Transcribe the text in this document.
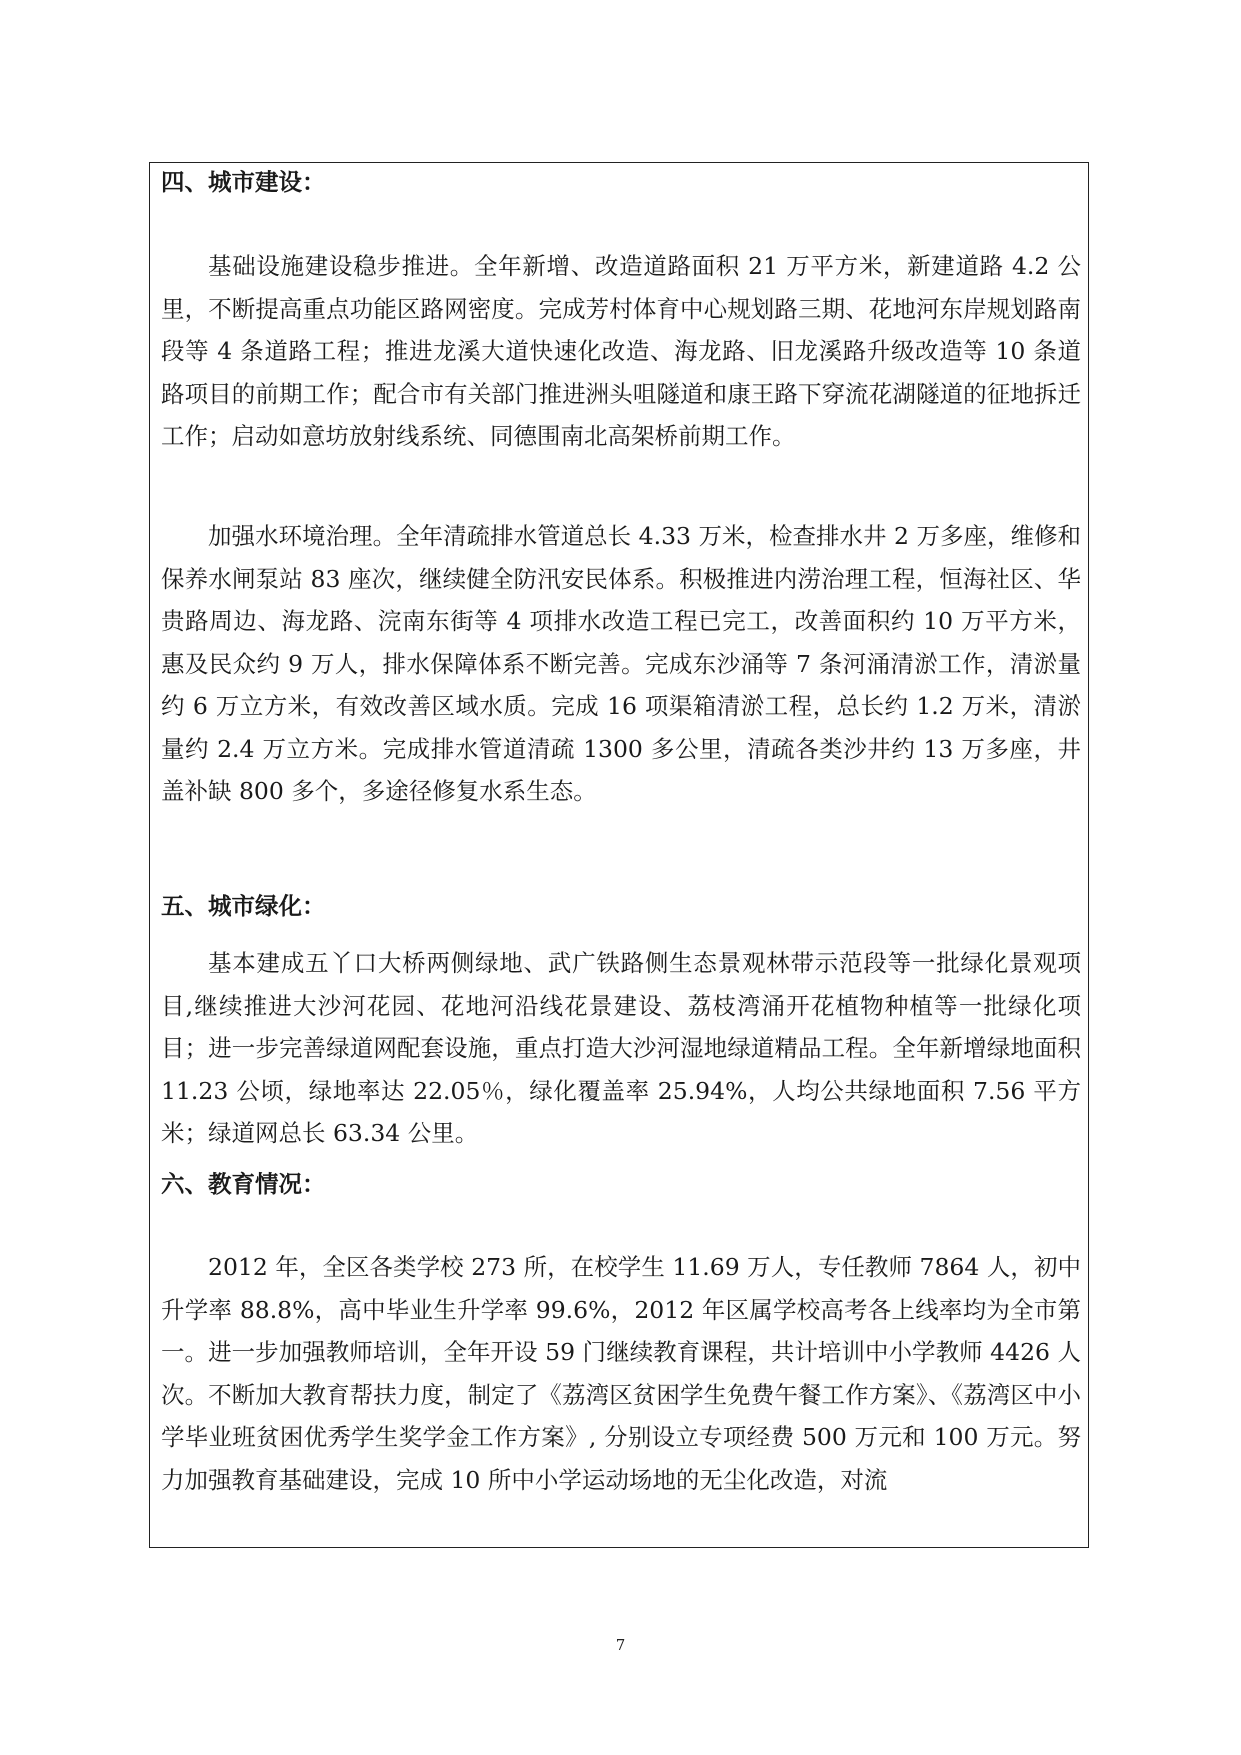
四、城市建设：

基础设施建设稳步推进。全年新增、改造道路面积 21 万平方米，新建道路 4.2 公里，不断提高重点功能区路网密度。完成芳村体育中心规划路三期、花地河东岸规划路南段等 4 条道路工程；推进龙溪大道快速化改造、海龙路、旧龙溪路升级改造等 10 条道路项目的前期工作；配合市有关部门推进洲头咀隧道和康王路下穿流花湖隧道的征地拆迁工作；启动如意坊放射线系统、同德围南北高架桥前期工作。

加强水环境治理。全年清疏排水管道总长 4.33 万米，检查排水井 2 万多座，维修和保养水闸泵站 83 座次，继续健全防汛安民体系。积极推进内涝治理工程，恒海社区、华贵路周边、海龙路、浣南东街等 4 项排水改造工程已完工，改善面积约 10 万平方米，惠及民众约 9 万人，排水保障体系不断完善。完成东沙涌等 7 条河涌清淤工作，清淤量约 6 万立方米，有效改善区域水质。完成 16 项渠箱清淤工程，总长约 1.2 万米，清淤量约 2.4 万立方米。完成排水管道清疏 1300 多公里，清疏各类沙井约 13 万多座，井盖补缺 800 多个，多途径修复水系生态。

五、城市绿化：

基本建成五丫口大桥两侧绿地、武广铁路侧生态景观林带示范段等一批绿化景观项目,继续推进大沙河花园、花地河沿线花景建设、荔枝湾涌开花植物种植等一批绿化项目；进一步完善绿道网配套设施，重点打造大沙河湿地绿道精品工程。全年新增绿地面积 11.23 公顷，绿地率达 22.05％，绿化覆盖率 25.94%，人均公共绿地面积 7.56 平方米；绿道网总长 63.34 公里。

六、教育情况：

2012 年，全区各类学校 273 所，在校学生 11.69 万人，专任教师 7864 人，初中升学率 88.8%，高中毕业生升学率 99.6%，2012 年区属学校高考各上线率均为全市第一。进一步加强教师培训，全年开设 59 门继续教育课程，共计培训中小学教师 4426 人次。不断加大教育帮扶力度，制定了《荔湾区贫困学生免费午餐工作方案》、《荔湾区中小学毕业班贫困优秀学生奖学金工作方案》, 分别设立专项经费 500 万元和 100 万元。努力加强教育基础建设，完成 10 所中小学运动场地的无尘化改造，对流

7
